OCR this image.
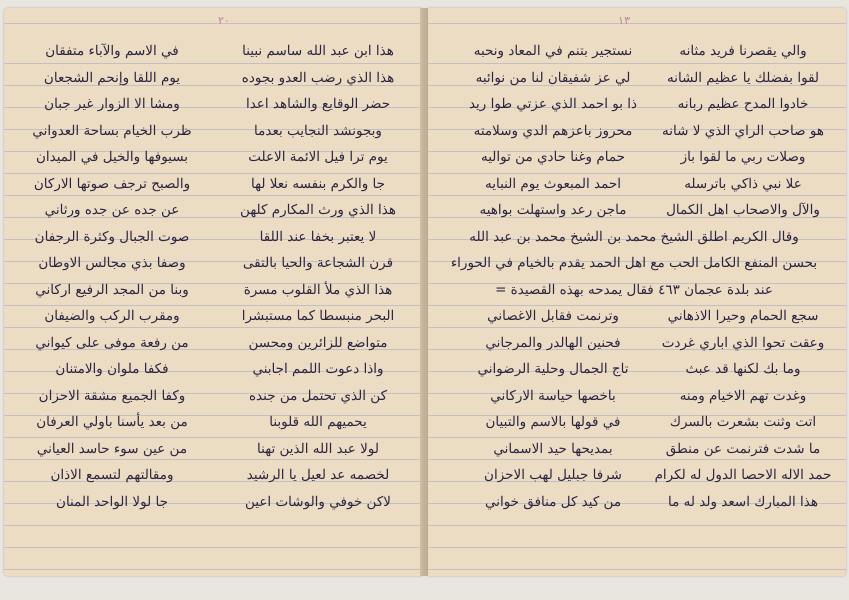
٢٠
هذا ابن عبد الله ساسم نبينا
في الاسم والآباء متفقان
هذا الذي رضب العدو بجوده
يوم اللقا وإنحم الشجعان
حضر الوقايع والشاهد اعدا
ومشا الا الزوار غير جبان
وبجونشد النجايب بعدما
ظرب الخيام بساحة العدواني
يوم ترا فيل الائمة الاعلت
بسيوفها والخيل في الميدان
جا والكرم بنفسه نعلا لها
والصبح ترجف صوتها الاركان
هذا الذي ورث المكارم كلهن
عن جده عن جده ورثاني
لا يعتبر بخفا عند اللقا
صوت الجبال وكثرة الرجفان
قرن الشجاعة والحيا بالتقى
وصفا بذي مجالس الاوطان
هذا الذي ملأ القلوب مسرة
وبنا من المجد الرفيع اركاني
البحر منبسطا كما مستبشرا
ومقرب الركب والضيفان
متواضع للزائرين ومحسن
من رفعة موفى على كيواني
واذا دعوت اللمم اجابني
فكفا ملوان والامتنان
كن الذي تحتمل من جنده
وكفا الجميع مشقة الاحزان
يحميهم الله قلوبنا
من بعد يأسنا باولي العرفان
لولا عبد الله الذين تهنا
من عين سوء حاسد العياني
لخصمه عد لعيل يا الرشيد
ومقالتهم لتسمع الاذان
لاكن خوفي والوشات اعين
جا لولا الواحد المنان
١٣
والي يقصرنا فريد مثانه
نستجير بتنم في المعاد ونحبه
لقوا بفضلك يا عظيم الشانه
لي عز شفيقان لنا من نوائبه
خادوا المدح عظيم ربانه
ذا بو احمد الذي عزتي طوا ريد
هو صاحب الراي الذي لا شانه
محروز باعزهم الدي وسلامته
وصلات ربي ما لقوا باز
حمام وغنا حادي من تواليه
علا نبي ذاكي باترسله
احمد المبعوث يوم النبايه
والآل والاصحاب اهل الكمال
ماجن رعد واستهلت بواهيه
وقال الكريم اطلق الشيخ محمد بن الشيخ محمد بن عبد الله
بحسن المنفع الكامل الحب مع اهل الحمد يقدم بالخيام في الحوراء
عند بلدة عجمان ٤٦٣ فقال يمدحه بهذه القصيدة =
سجع الحمام وحيرا الاذهاني
وترنمت فقابل الاغصاني
وعقت تحوا الذي اباري غردت
فحنين الهالدر والمرجاني
وما بك لكنها قد عبث
تاج الجمال وحلية الرضواني
وغدت تهم الاخيام ومنه
باخصها حياسة الاركاني
اتت وثنت بشعرت بالسرك
في قولها بالاسم والتبيان
ما شدت فترنمت عن منطق
بمديحها حيد الاسماني
حمد الاله الاحصا الدول له لكرام
شرفا جبليل لهب الاحزان
هذا المبارك اسعد ولد له ما
من كيد كل منافق خواني
